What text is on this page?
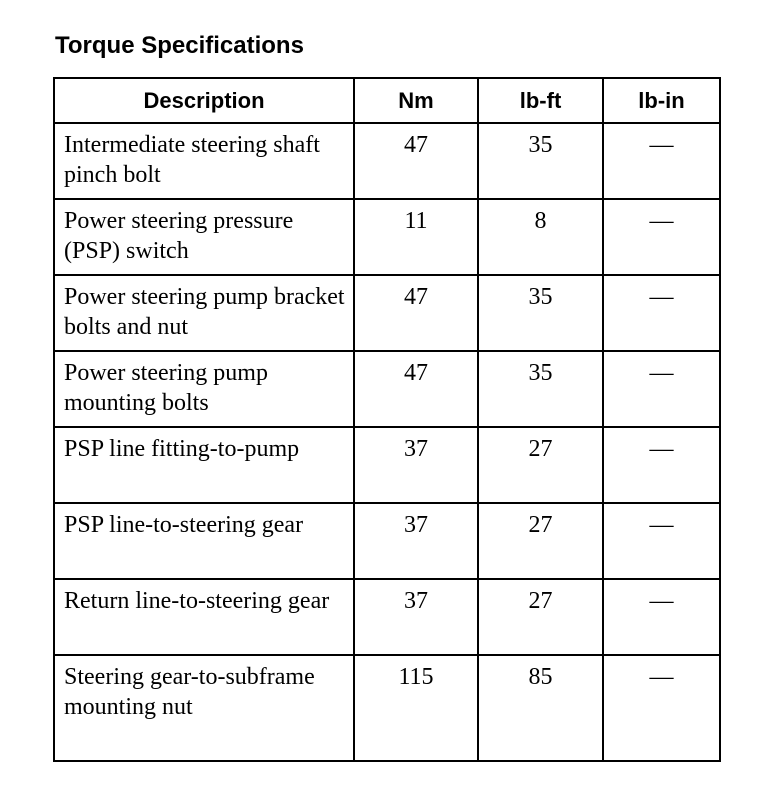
Torque Specifications
Description	Nm	lb-ft	lb-in
Intermediate steering shaft pinch bolt	47	35	—
Power steering pressure (PSP) switch	11	8	—
Power steering pump bracket bolts and nut	47	35	—
Power steering pump mounting bolts	47	35	—
PSP line fitting-to-pump	37	27	—
PSP line-to-steering gear	37	27	—
Return line-to-steering gear	37	27	—
Steering gear-to-subframe mounting nut	115	85	—
